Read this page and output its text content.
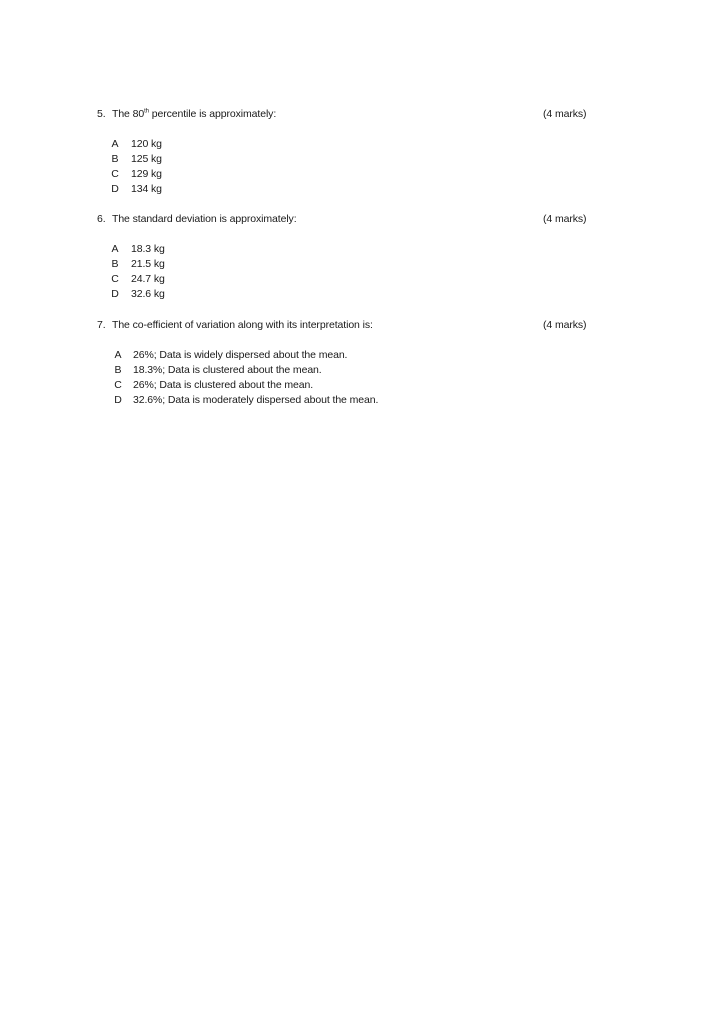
5. The 80th percentile is approximately:	(4 marks)
A 120 kg
B 125 kg
C 129 kg
D 134 kg
6. The standard deviation is approximately:	(4 marks)
A 18.3 kg
B 21.5 kg
C 24.7 kg
D 32.6 kg
7. The co-efficient of variation along with its interpretation is:	(4 marks)
A 26%; Data is widely dispersed about the mean.
B 18.3%; Data is clustered about the mean.
C 26%; Data is clustered about the mean.
D 32.6%; Data is moderately dispersed about the mean.
